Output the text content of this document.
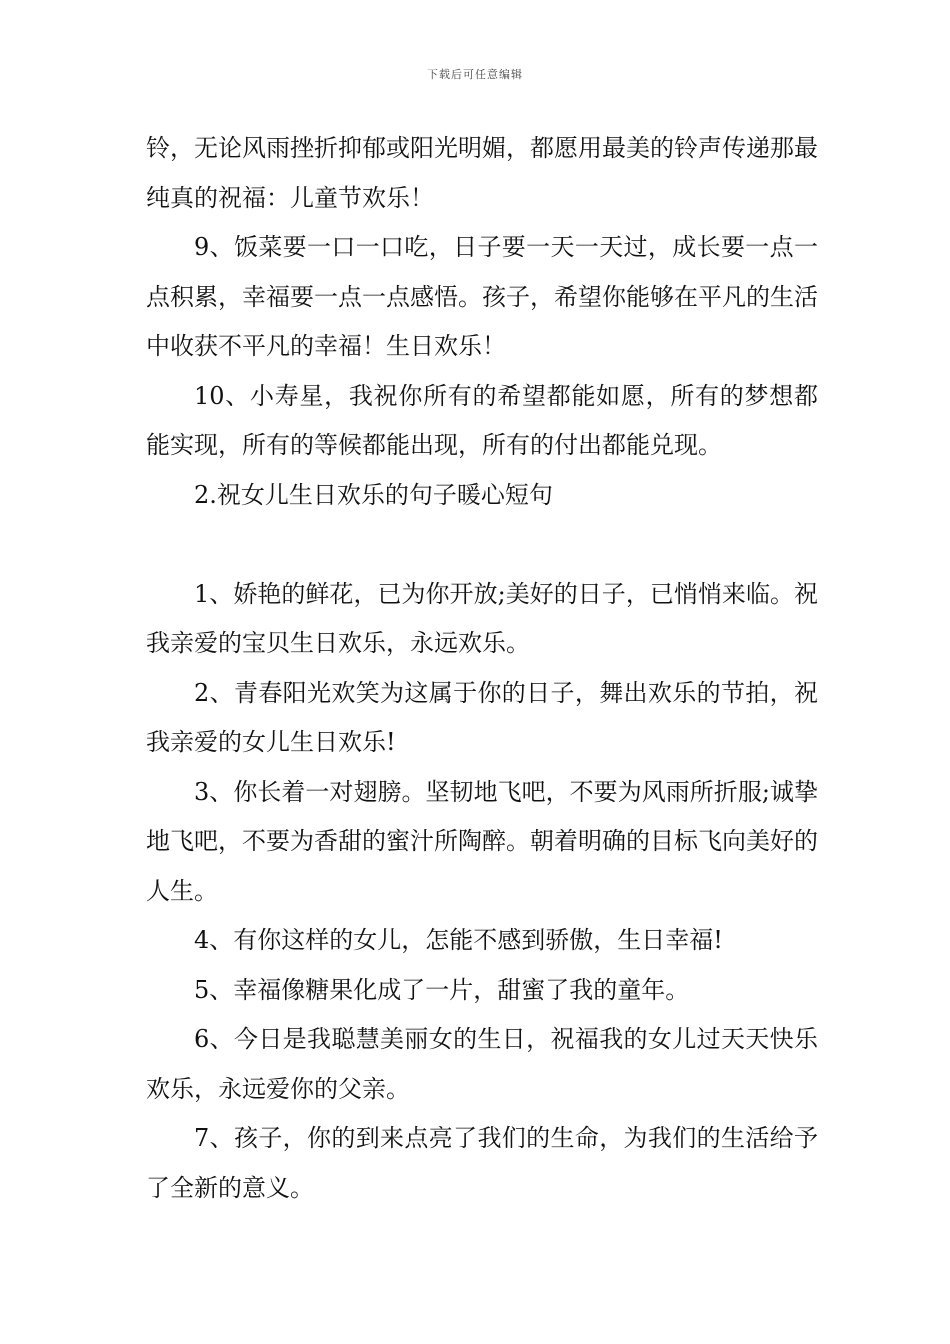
下载后可任意编辑

铃，无论风雨挫折抑郁或阳光明媚，都愿用最美的铃声传递那最纯真的祝福：儿童节欢乐！

9、饭菜要一口一口吃，日子要一天一天过，成长要一点一点积累，幸福要一点一点感悟。孩子，希望你能够在平凡的生活中收获不平凡的幸福！生日欢乐！

10、小寿星，我祝你所有的希望都能如愿，所有的梦想都能实现，所有的等候都能出现，所有的付出都能兑现。

2.祝女儿生日欢乐的句子暖心短句

1、娇艳的鲜花，已为你开放;美好的日子，已悄悄来临。祝我亲爱的宝贝生日欢乐，永远欢乐。

2、青春阳光欢笑为这属于你的日子，舞出欢乐的节拍，祝我亲爱的女儿生日欢乐!

3、你长着一对翅膀。坚韧地飞吧，不要为风雨所折服;诚挚地飞吧，不要为香甜的蜜汁所陶醉。朝着明确的目标飞向美好的人生。

4、有你这样的女儿，怎能不感到骄傲，生日幸福!

5、幸福像糖果化成了一片，甜蜜了我的童年。

6、今日是我聪慧美丽女的生日，祝福我的女儿过天天快乐欢乐，永远爱你的父亲。

7、孩子，你的到来点亮了我们的生命，为我们的生活给予了全新的意义。
